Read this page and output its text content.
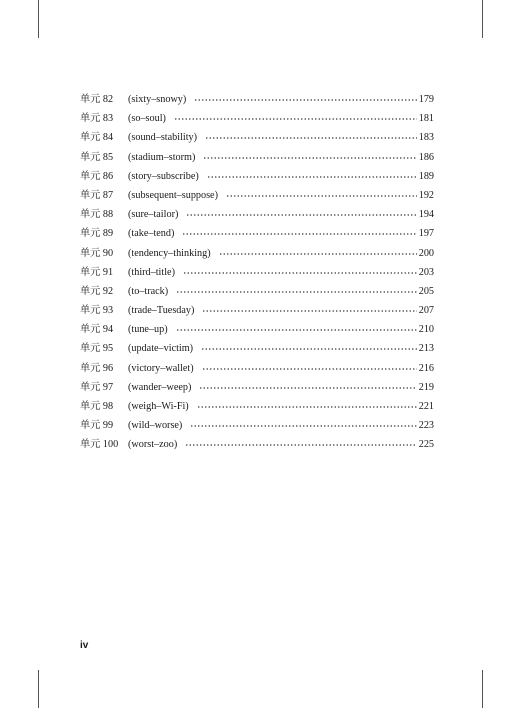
单元 82	(sixty–snowy)	179
单元 83	(so–soul)	181
单元 84	(sound–stability)	183
单元 85	(stadium–storm)	186
单元 86	(story–subscribe)	189
单元 87	(subsequent–suppose)	192
单元 88	(sure–tailor)	194
单元 89	(take–tend)	197
单元 90	(tendency–thinking)	200
单元 91	(third–title)	203
单元 92	(to–track)	205
单元 93	(trade–Tuesday)	207
单元 94	(tune–up)	210
单元 95	(update–victim)	213
单元 96	(victory–wallet)	216
单元 97	(wander–weep)	219
单元 98	(weigh–Wi-Fi)	221
单元 99	(wild–worse)	223
单元 100 (worst–zoo)	225
iv
